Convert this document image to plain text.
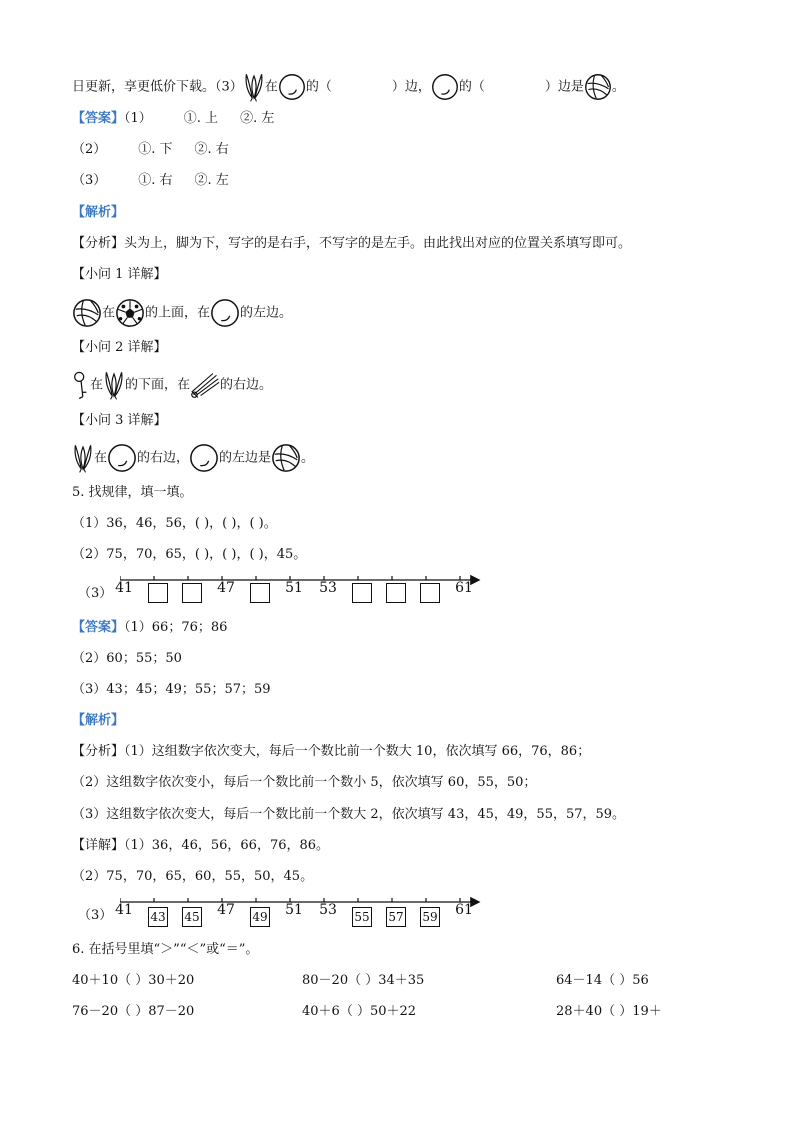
日更新，享更低价下载。（3） 在 的（	）边， 的（	）边是 。
【答案】（1） ①. 上 ②. 左
（2） ①. 下 ②. 右
（3） ①. 右 ②. 左
【解析】
【分析】头为上，脚为下，写字的是右手，不写字的是左手。由此找出对应的位置关系填写即可。
【小问 1 详解】
在 的上面，在 的左边。
【小问 2 详解】
在 的下面，在 的右边。
【小问 3 详解】
在 的右边， 的左边是 。
5. 找规律，填一填。
（1）36，46，56，( )，( )，( )。
（2）75，70，65，( )，( )，( )，45。
（3） 41	47	51	53	61
【答案】（1）66；76；86
（2）60；55；50
（3）43；45；49；55；57；59
【解析】
【分析】（1）这组数字依次变大，每后一个数比前一个数大 10，依次填写 66，76，86；
（2）这组数字依次变小，每后一个数比前一个数小 5，依次填写 60，55，50；
（3）这组数字依次变大，每后一个数比前一个数大 2，依次填写 43，45，49，55，57，59。
【详解】（1）36，46，56，66，76，86。
（2）75，70，65，60，55，50，45。
（3） 41	43 45	47	49	51	53	55 57 59	61
6. 在括号里填“＞”“＜”或“＝”。
40＋10（ ）30＋20	80－20（ ）34＋35	64－14（ ）56
76－20（ ）87－20	40＋6（ ）50＋22	28＋40（ ）19＋
